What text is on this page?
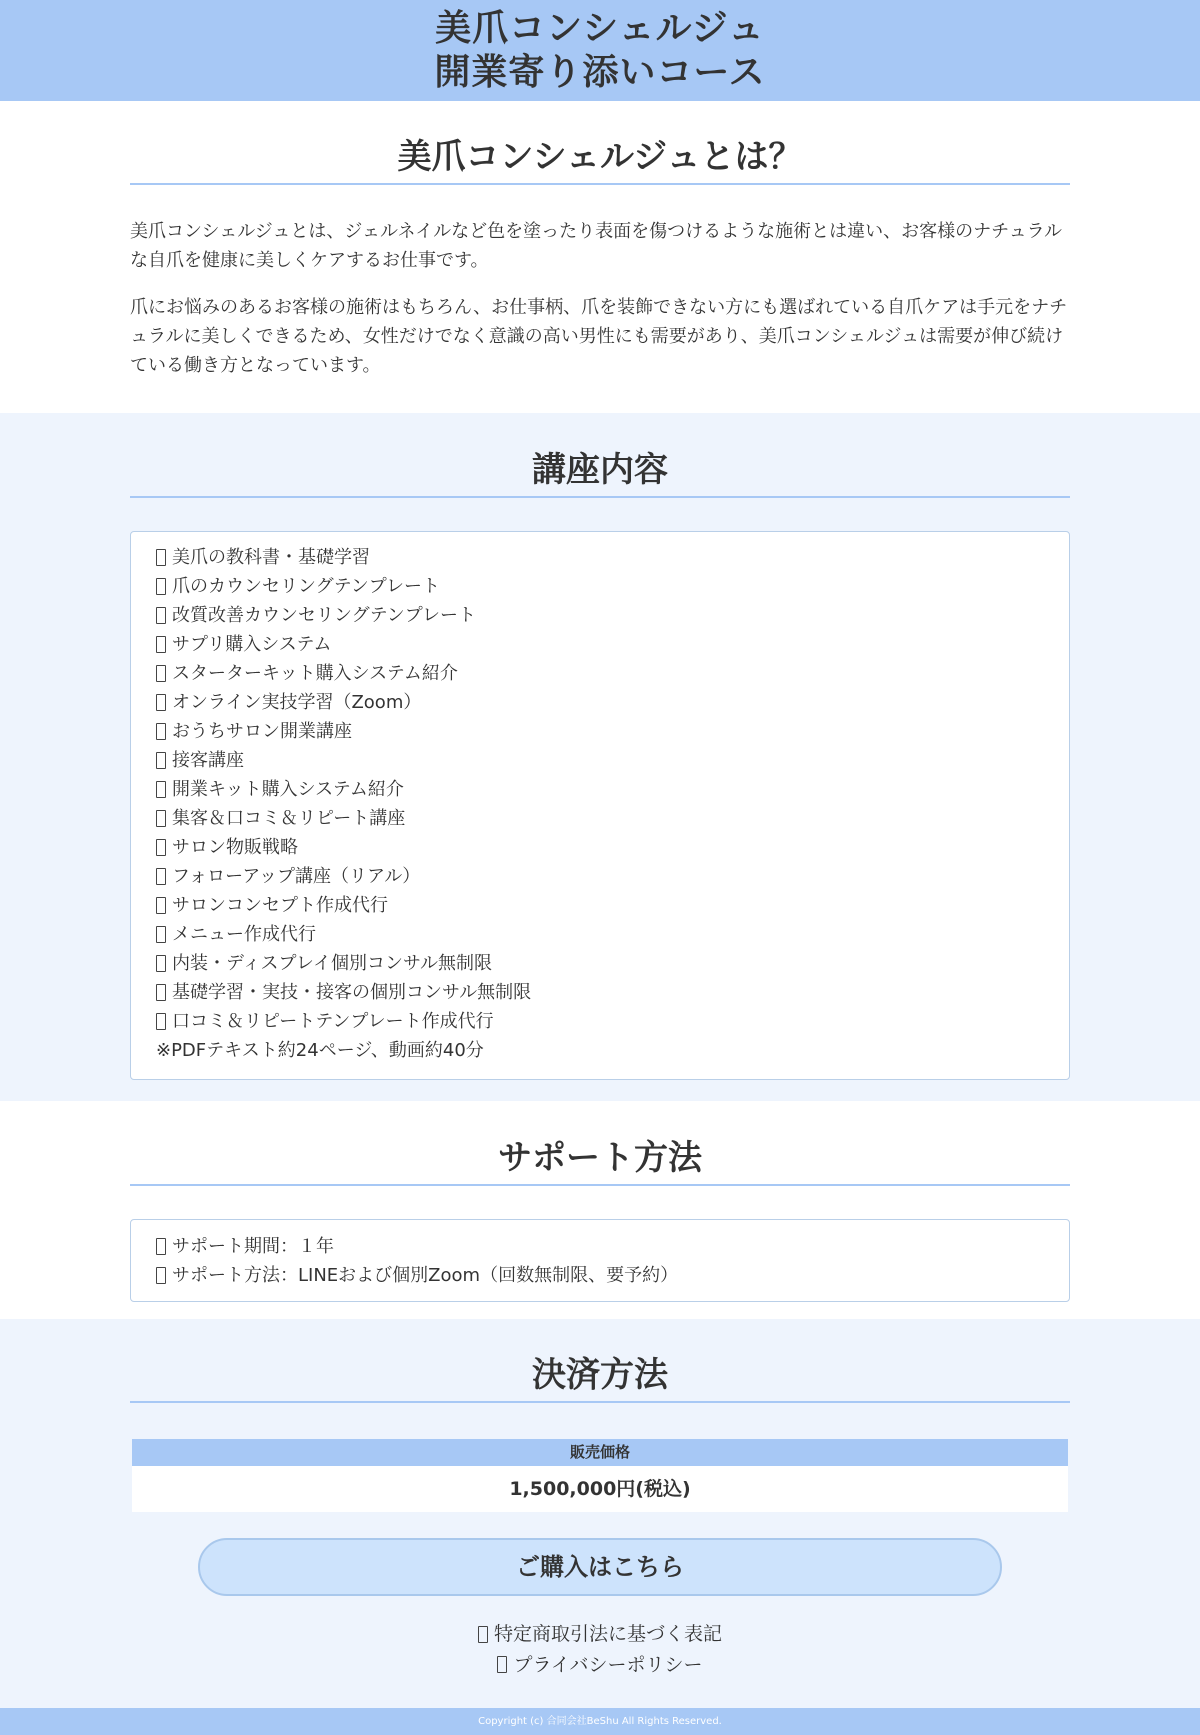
美爪コンシェルジュ
開業寄り添いコース
美爪コンシェルジュとは？

美爪コンシェルジュとは、ジェルネイルなど色を塗ったり表面を傷つけるような施術とは違い、お客様のナチュラルな自爪を健康に美しくケアするお仕事です。

爪にお悩みのあるお客様の施術はもちろん、お仕事柄、爪を装飾できない方にも選ばれている自爪ケアは手元をナチュラルに美しくできるため、女性だけでなく意識の高い男性にも需要があり、美爪コンシェルジュは需要が伸び続けている働き方となっています。

講座内容
美爪の教科書・基礎学習
爪のカウンセリングテンプレート
改質改善カウンセリングテンプレート
サプリ購入システム
スターターキット購入システム紹介
オンライン実技学習（Zoom）
おうちサロン開業講座
接客講座
開業キット購入システム紹介
集客＆口コミ＆リピート講座
サロン物販戦略
フォローアップ講座（リアル）
サロンコンセプト作成代行
メニュー作成代行
内装・ディスプレイ個別コンサル無制限
基礎学習・実技・接客の個別コンサル無制限
口コミ＆リピートテンプレート作成代行
※PDFテキスト約24ページ、動画約40分
サポート方法
サポート期間：１年
サポート方法：LINEおよび個別Zoom（回数無制限、要予約）
決済方法
販売価格
1,500,000円(税込)
ご購入はこちら
特定商取引法に基づく表記
プライバシーポリシー
Copyright (c) 合同会社BeShu All Rights Reserved.
